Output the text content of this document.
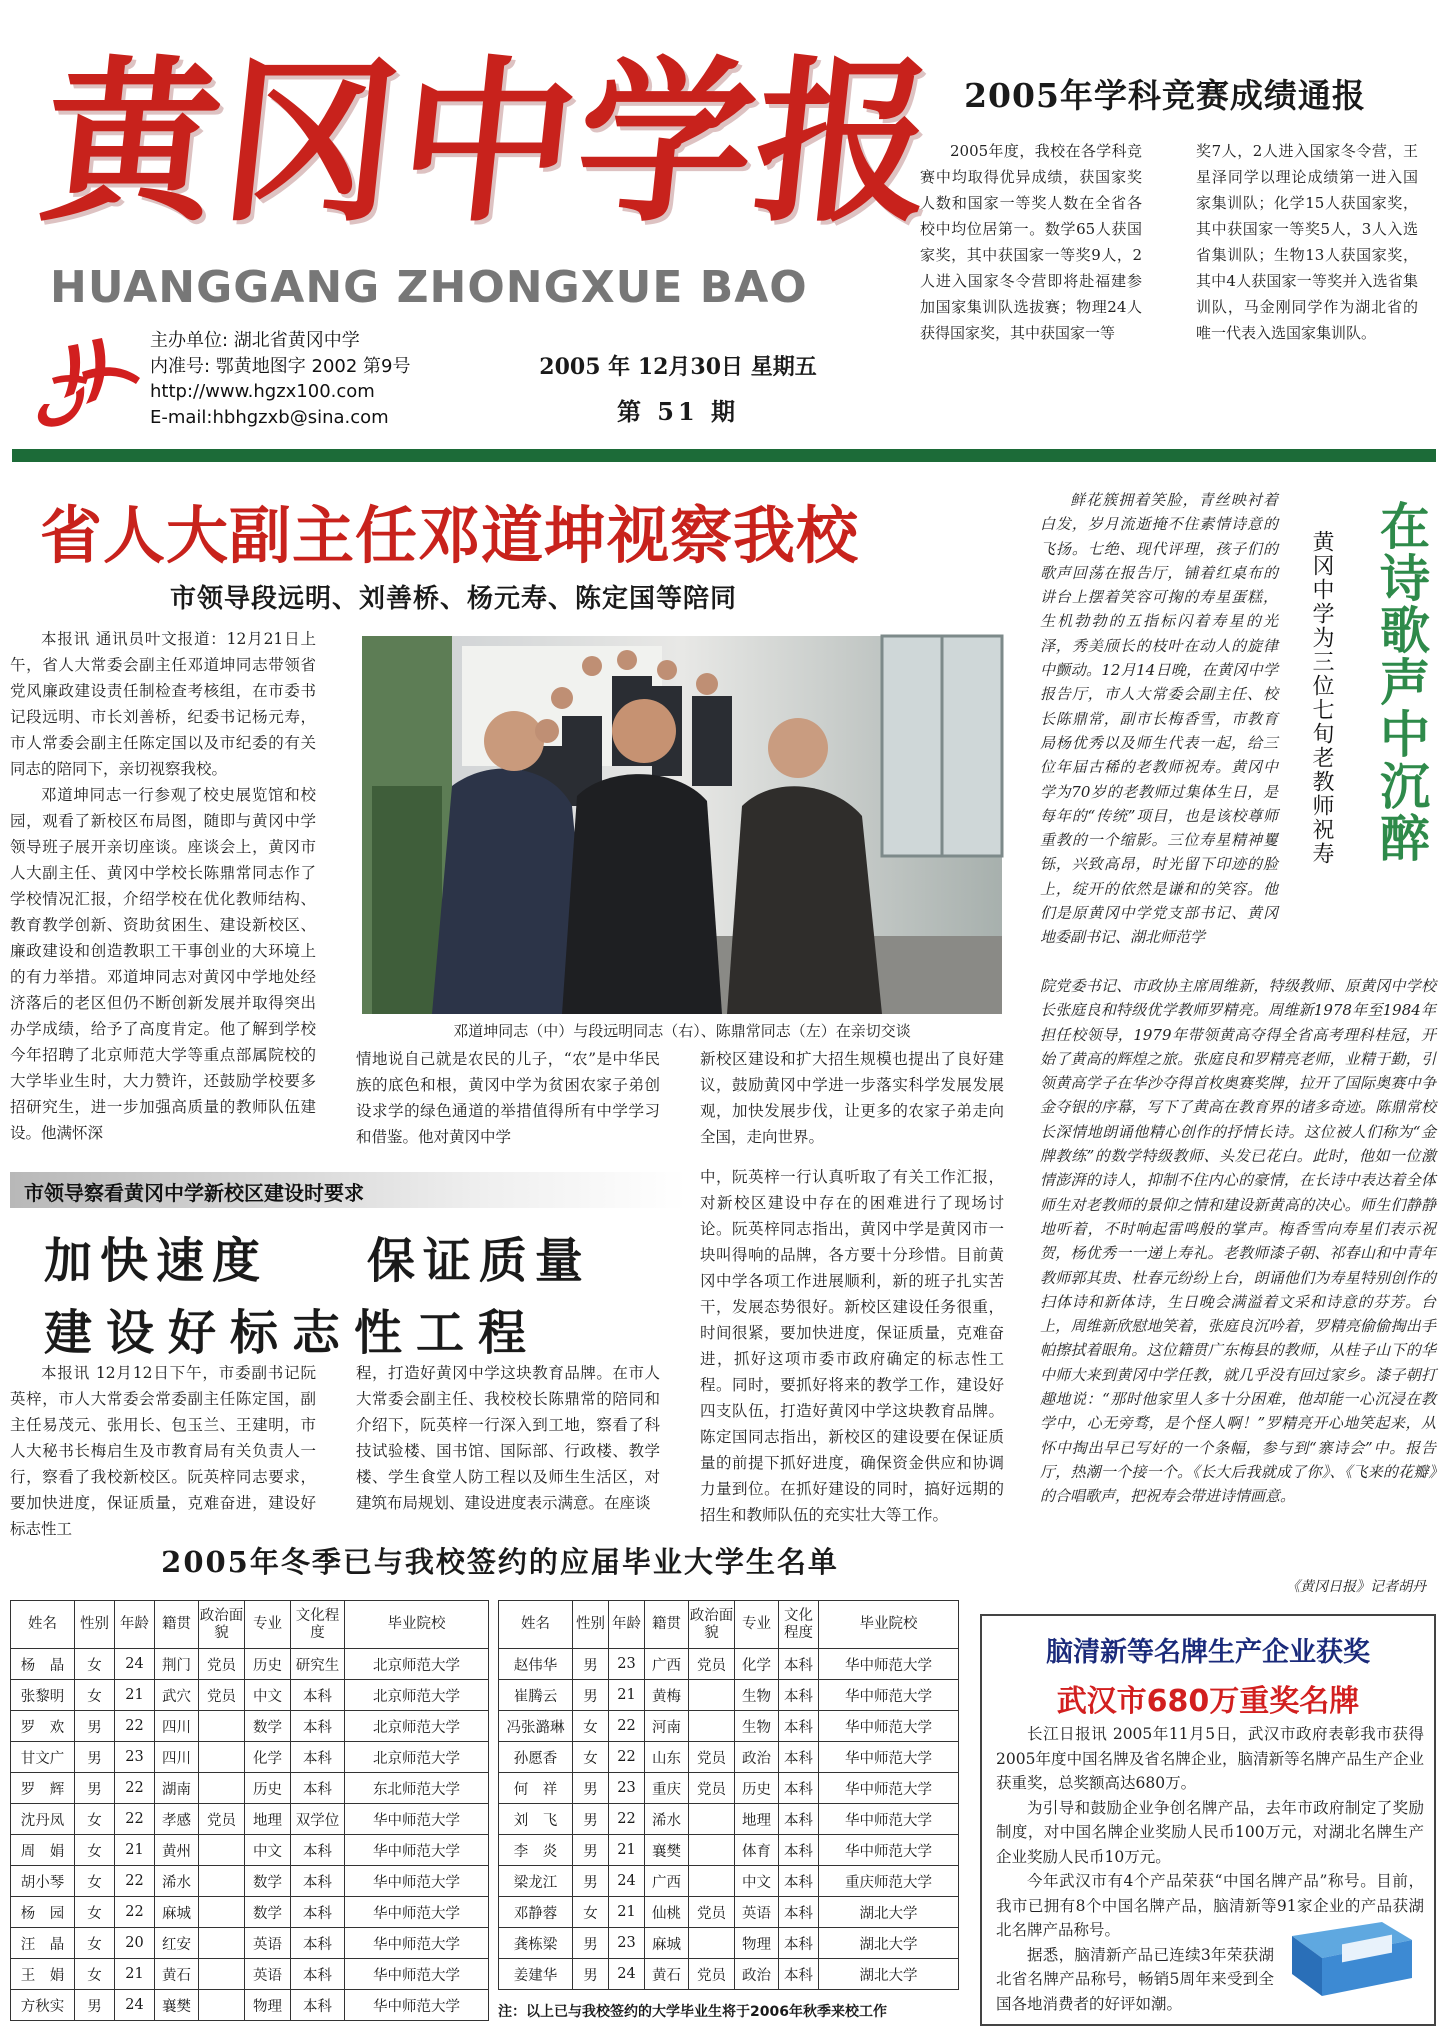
黄冈中学报
HUANGGANG ZHONGXUE BAO
主办单位: 湖北省黄冈中学
内准号: 鄂黄地图字 2002 第9号
http://www.hgzx100.com
E-mail:hbhgzxb@sina.com
2005 年 12月30日 星期五
第 51 期
2005年学科竞赛成绩通报
2005年度，我校在各学科竞赛中均取得优异成绩，获国家奖人数和国家一等奖人数在全省各校中均位居第一。数学65人获国家奖，其中获国家一等奖9人，2人进入国家冬令营即将赴福建参加国家集训队选拔赛；物理24人获得国家奖，其中获国家一等
奖7人，2人进入国家冬令营，王星泽同学以理论成绩第一进入国家集训队；化学15人获国家奖，其中获国家一等奖5人，3人入选省集训队；生物13人获国家奖，其中4人获国家一等奖并入选省集训队，马金刚同学作为湖北省的唯一代表入选国家集训队。
省人大副主任邓道坤视察我校
市领导段远明、刘善桥、杨元寿、陈定国等陪同

本报讯 通讯员叶文报道：12月21日上午，省人大常委会副主任邓道坤同志带领省党风廉政建设责任制检查考核组，在市委书记段远明、市长刘善桥，纪委书记杨元寿，市人常委会副主任陈定国以及市纪委的有关同志的陪同下，亲切视察我校。

邓道坤同志一行参观了校史展览馆和校园，观看了新校区布局图，随即与黄冈中学领导班子展开亲切座谈。座谈会上，黄冈市人大副主任、黄冈中学校长陈鼎常同志作了学校情况汇报，介绍学校在优化教师结构、教育教学创新、资助贫困生、建设新校区、廉政建设和创造教职工干事创业的大环境上的有力举措。邓道坤同志对黄冈中学地处经济落后的老区但仍不断创新发展并取得突出办学成绩，给予了高度肯定。他了解到学校今年招聘了北京师范大学等重点部属院校的大学毕业生时，大力赞许，还鼓励学校要多招研究生，进一步加强高质量的教师队伍建设。他满怀深

邓道坤同志（中）与段远明同志（右）、陈鼎常同志（左）在亲切交谈
情地说自己就是农民的儿子，“农”是中华民族的底色和根，黄冈中学为贫困农家子弟创设求学的绿色通道的举措值得所有中学学习和借鉴。他对黄冈中学
新校区建设和扩大招生规模也提出了良好建议，鼓励黄冈中学进一步落实科学发展发展观，加快发展步伐，让更多的农家子弟走向全国，走向世界。
市领导察看黄冈中学新校区建设时要求
加快速度    保证质量
建设好标志性工程
本报讯 12月12日下午，市委副书记阮英梓，市人大常委会常委副主任陈定国，副主任易茂元、张用长、包玉兰、王建明，市人大秘书长梅启生及市教育局有关负责人一行，察看了我校新校区。阮英梓同志要求，要加快进度，保证质量，克难奋进，建设好标志性工
程，打造好黄冈中学这块教育品牌。在市人大常委会副主任、我校校长陈鼎常的陪同和介绍下，阮英梓一行深入到工地，察看了科技试验楼、国书馆、国际部、行政楼、教学楼、学生食堂人防工程以及师生生活区，对建筑布局规划、建设进度表示满意。在座谈
中，阮英梓一行认真听取了有关工作汇报，对新校区建设中存在的困难进行了现场讨论。阮英梓同志指出，黄冈中学是黄冈市一块叫得响的品牌，各方要十分珍惜。目前黄冈中学各项工作进展顺利，新的班子扎实苦干，发展态势很好。新校区建设任务很重，时间很紧，要加快进度，保证质量，克难奋进，抓好这项市委市政府确定的标志性工程。同时，要抓好将来的教学工作，建设好四支队伍，打造好黄冈中学这块教育品牌。陈定国同志指出，新校区的建设要在保证质量的前提下抓好进度，确保资金供应和协调力量到位。在抓好建设的同时，搞好远期的招生和教师队伍的充实壮大等工作。
在诗歌声中沉醉
黄冈中学为三位七旬老教师祝寿
鲜花簇拥着笑脸，青丝映衬着白发，岁月流逝掩不住素情诗意的飞扬。七绝、现代评理，孩子们的歌声回荡在报告厅，铺着红桌布的讲台上摆着笑容可掬的寿星蛋糕，生机勃勃的五指标闪着寿星的光泽，秀美颀长的枝叶在动人的旋律中颤动。12月14日晚，在黄冈中学报告厅，市人大常委会副主任、校长陈鼎常，副市长梅香雪，市教育局杨优秀以及师生代表一起，给三位年届古稀的老教师祝寿。黄冈中学为70岁的老教师过集体生日，是每年的“传统”项目，也是该校尊师重教的一个缩影。三位寿星精神矍铄，兴致高昂，时光留下印迹的脸上，绽开的依然是谦和的笑容。他们是原黄冈中学党支部书记、黄冈地委副书记、湖北师范学
院党委书记、市政协主席周维新，特级教师、原黄冈中学校长张庭良和特级优学教师罗精亮。周维新1978年至1984年担任校领导，1979年带领黄高夺得全省高考理科桂冠，开始了黄高的辉煌之旅。张庭良和罗精亮老师，业精于勤，引领黄高学子在华沙夺得首枚奥赛奖牌，拉开了国际奥赛中争金夺银的序幕，写下了黄高在教育界的诸多奇迹。陈鼎常校长深情地朗诵他精心创作的抒情长诗。这位被人们称为“金牌教练”的数学特级教师、头发已花白。此时，他如一位激情澎湃的诗人，抑制不住内心的豪情，在长诗中表达着全体师生对老教师的景仰之情和建设新黄高的决心。师生们静静地听着，不时响起雷鸣般的掌声。梅香雪向寿星们表示祝贺，杨优秀一一递上寿礼。老教师漆子朝、祁春山和中青年教师郭其贵、杜春元纷纷上台，朗诵他们为寿星特别创作的扫体诗和新体诗，生日晚会满溢着文采和诗意的芬芳。台上，周维新欣慰地笑着，张庭良沉吟着，罗精亮偷偷掏出手帕擦拭着眼角。这位籍贯广东梅县的教师，从桂子山下的华中师大来到黄冈中学任教，就几乎没有回过家乡。漆子朝打趣地说：“那时他家里人多十分困难，他却能一心沉浸在教学中，心无旁骛，是个怪人啊！”罗精亮开心地笑起来，从怀中掏出早已写好的一个条幅，参与到“寨诗会”中。报告厅，热潮一个接一个。《长大后我就成了你》、《飞来的花瓣》的合唱歌声，把祝寿会带进诗情画意。
《黄冈日报》记者胡丹
2005年冬季已与我校签约的应届毕业大学生名单
姓名	性别	年龄	籍贯	政治面貌	专业	文化程度	毕业院校
杨　晶	女	24	荆门	党员	历史	研究生	北京师范大学
张黎明	女	21	武穴	党员	中文	本科	北京师范大学
罗　欢	男	22	四川		数学	本科	北京师范大学
甘文广	男	23	四川		化学	本科	北京师范大学
罗　辉	男	22	湖南		历史	本科	东北师范大学
沈丹凤	女	22	孝感	党员	地理	双学位	华中师范大学
周　娟	女	21	黄州		中文	本科	华中师范大学
胡小琴	女	22	浠水		数学	本科	华中师范大学
杨　园	女	22	麻城		数学	本科	华中师范大学
汪　晶	女	20	红安		英语	本科	华中师范大学
王　娟	女	21	黄石		英语	本科	华中师范大学
方秋实	男	24	襄樊		物理	本科	华中师范大学
姓名	性别	年龄	籍贯	政治面貌	专业	文化程度	毕业院校
赵伟华	男	23	广西	党员	化学	本科	华中师范大学
崔腾云	男	21	黄梅		生物	本科	华中师范大学
冯张潞琳	女	22	河南		生物	本科	华中师范大学
孙愿香	女	22	山东	党员	政治	本科	华中师范大学
何　祥	男	23	重庆	党员	历史	本科	华中师范大学
刘　飞	男	22	浠水		地理	本科	华中师范大学
李　炎	男	21	襄樊		体育	本科	华中师范大学
梁龙江	男	24	广西		中文	本科	重庆师范大学
邓静蓉	女	21	仙桃	党员	英语	本科	湖北大学
龚栋梁	男	23	麻城		物理	本科	湖北大学
姜建华	男	24	黄石	党员	政治	本科	湖北大学
注：以上已与我校签约的大学毕业生将于2006年秋季来校工作
脑清新等名牌生产企业获奖
武汉市680万重奖名牌

长江日报讯 2005年11月5日，武汉市政府表彰我市获得2005年度中国名牌及省名牌企业，脑清新等名牌产品生产企业获重奖，总奖额高达680万。

为引导和鼓励企业争创名牌产品，去年市政府制定了奖励制度，对中国名牌企业奖励人民币100万元，对湖北名牌生产企业奖励人民币10万元。

今年武汉市有4个产品荣获“中国名牌产品”称号。目前，我市已拥有8个中国名牌产品，脑清新等91家企业的产品获湖北名牌产品称号。

据悉，脑清新产品已连续3年荣获湖北省名牌产品称号，畅销5周年来受到全国各地消费者的好评如潮。
